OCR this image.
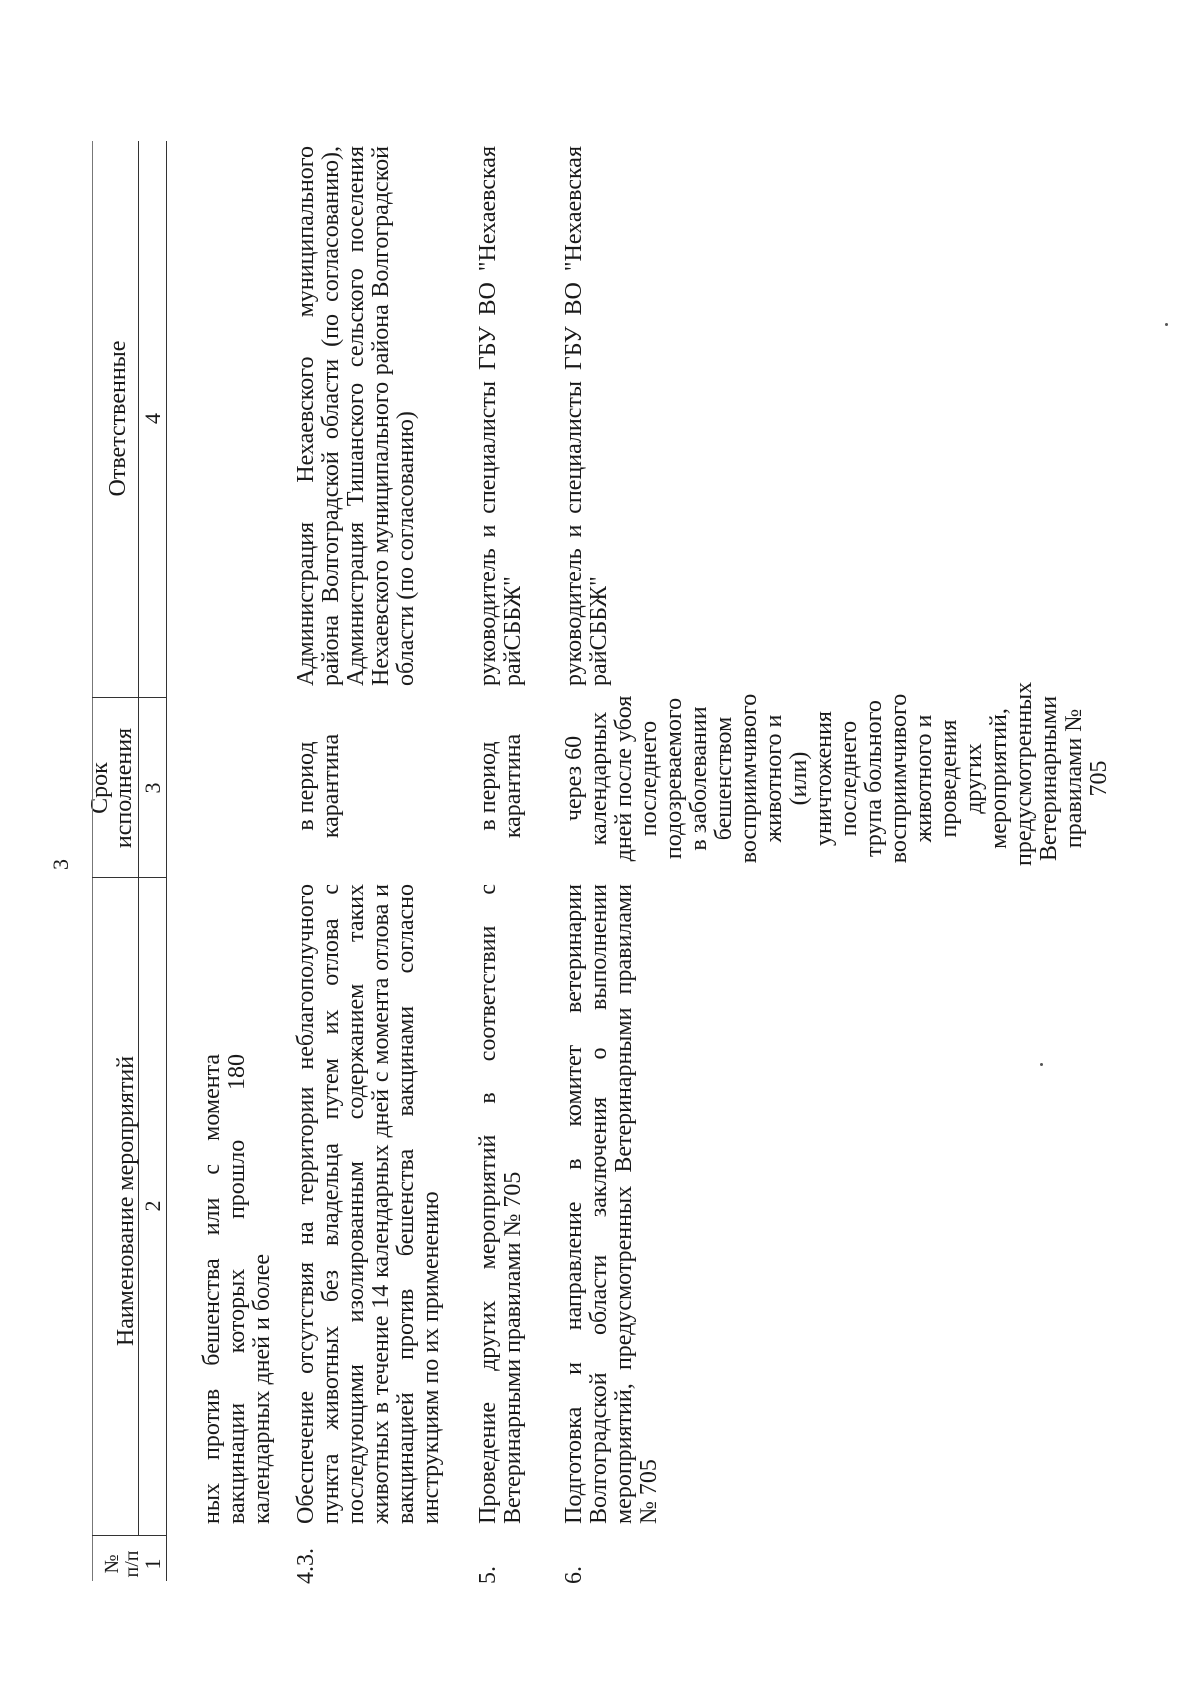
3
№
п/п
Наименование мероприятий
Срок
исполнения
Ответственные
1
2
3
4
ных против бешенства или с момента вакцинации которых прошло 180 календарных дней и более
4.3.
Обеспечение отсутствия на территории неблагополучного пункта животных без владельца путем их отлова с последующими изолированным содержанием таких животных в течение 14 календарных дней с момента отлова и вакцинацией против бешенства вакцинами согласно инструкциям по их применению
в период карантина
Администрация Нехаевского муниципального района Волгоградской области (по согласованию), Администрация Тишанского сельского поселения Нехаевского муниципального района Волгоградской области (по согласованию)
5.
Проведение других мероприятий в соответствии с Ветеринарными правилами № 705
в период карантина
руководитель и специалисты ГБУ ВО "Нехаевская райСББЖ"
6.
Подготовка и направление в комитет ветеринарии Волгоградской области заключения о выполнении мероприятий, предусмотренных Ветеринарными правилами № 705
через 60 календарных дней после убоя последнего подозреваемого в заболевании бешенством восприимчивого животного и (или) уничтожения последнего трупа больного восприимчивого животного и проведения других мероприятий, предусмотренных Ветеринарными правилами № 705
руководитель и специалисты ГБУ ВО "Нехаевская райСББЖ"
